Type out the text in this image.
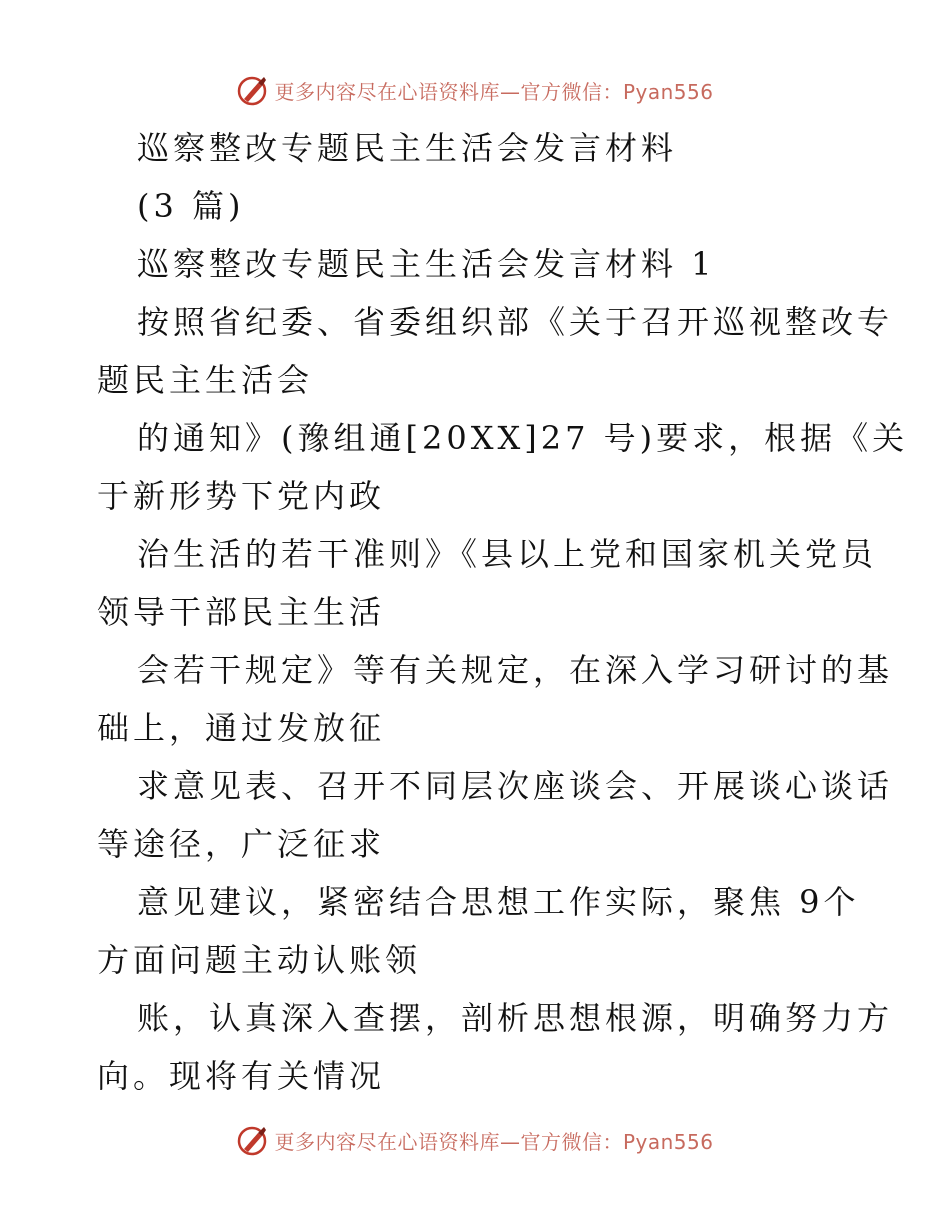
更多内容尽在心语资料库—官方微信：Pyan556
巡察整改专题民主生活会发言材料
(3 篇)
巡察整改专题民主生活会发言材料 1
按照省纪委、省委组织部《关于召开巡视整改专
题民主生活会
的通知》(豫组通[20XX]27 号)要求，根据《关
于新形势下党内政
治生活的若干准则》《县以上党和国家机关党员
领导干部民主生活
会若干规定》等有关规定，在深入学习研讨的基
础上，通过发放征
求意见表、召开不同层次座谈会、开展谈心谈话
等途径，广泛征求
意见建议，紧密结合思想工作实际，聚焦 9个
方面问题主动认账领
账，认真深入查摆，剖析思想根源，明确努力方
向。现将有关情况
更多内容尽在心语资料库—官方微信：Pyan556
